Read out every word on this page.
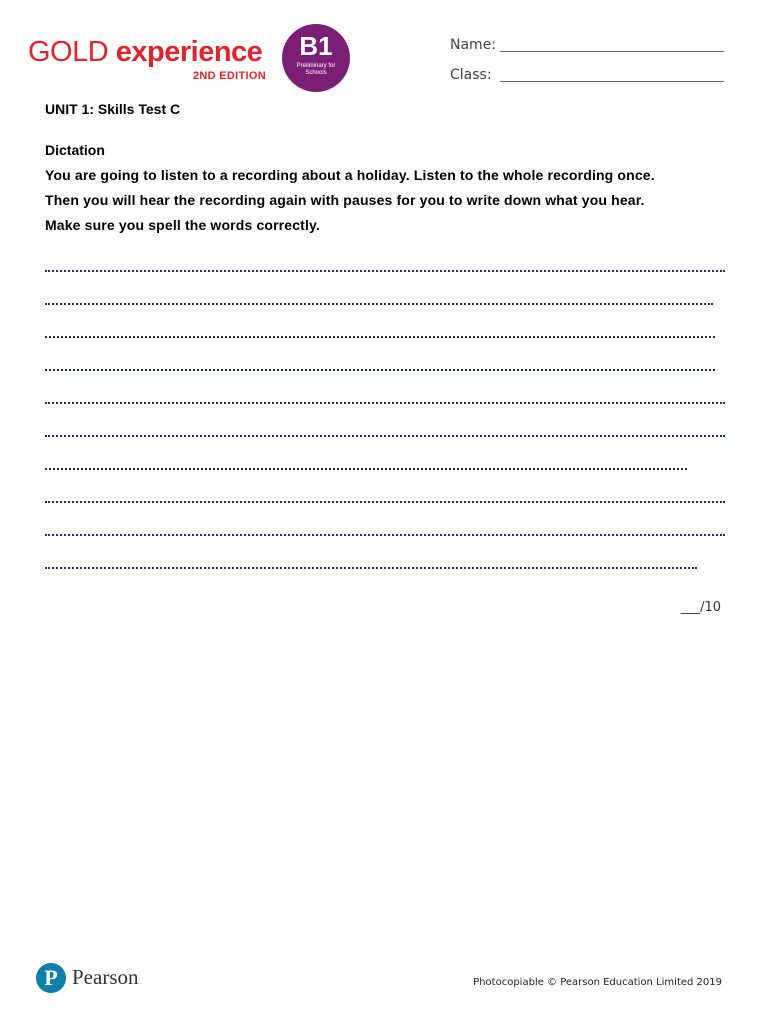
GOLD experience
2ND EDITION
B1
Preliminary for Schools
Name:
Class:
UNIT 1: Skills Test C

Dictation

You are going to listen to a recording about a holiday. Listen to the whole recording once.

Then you will hear the recording again with pauses for you to write down what you hear.

Make sure you spell the words correctly.

___/10
P Pearson	Photocopiable © Pearson Education Limited 2019
